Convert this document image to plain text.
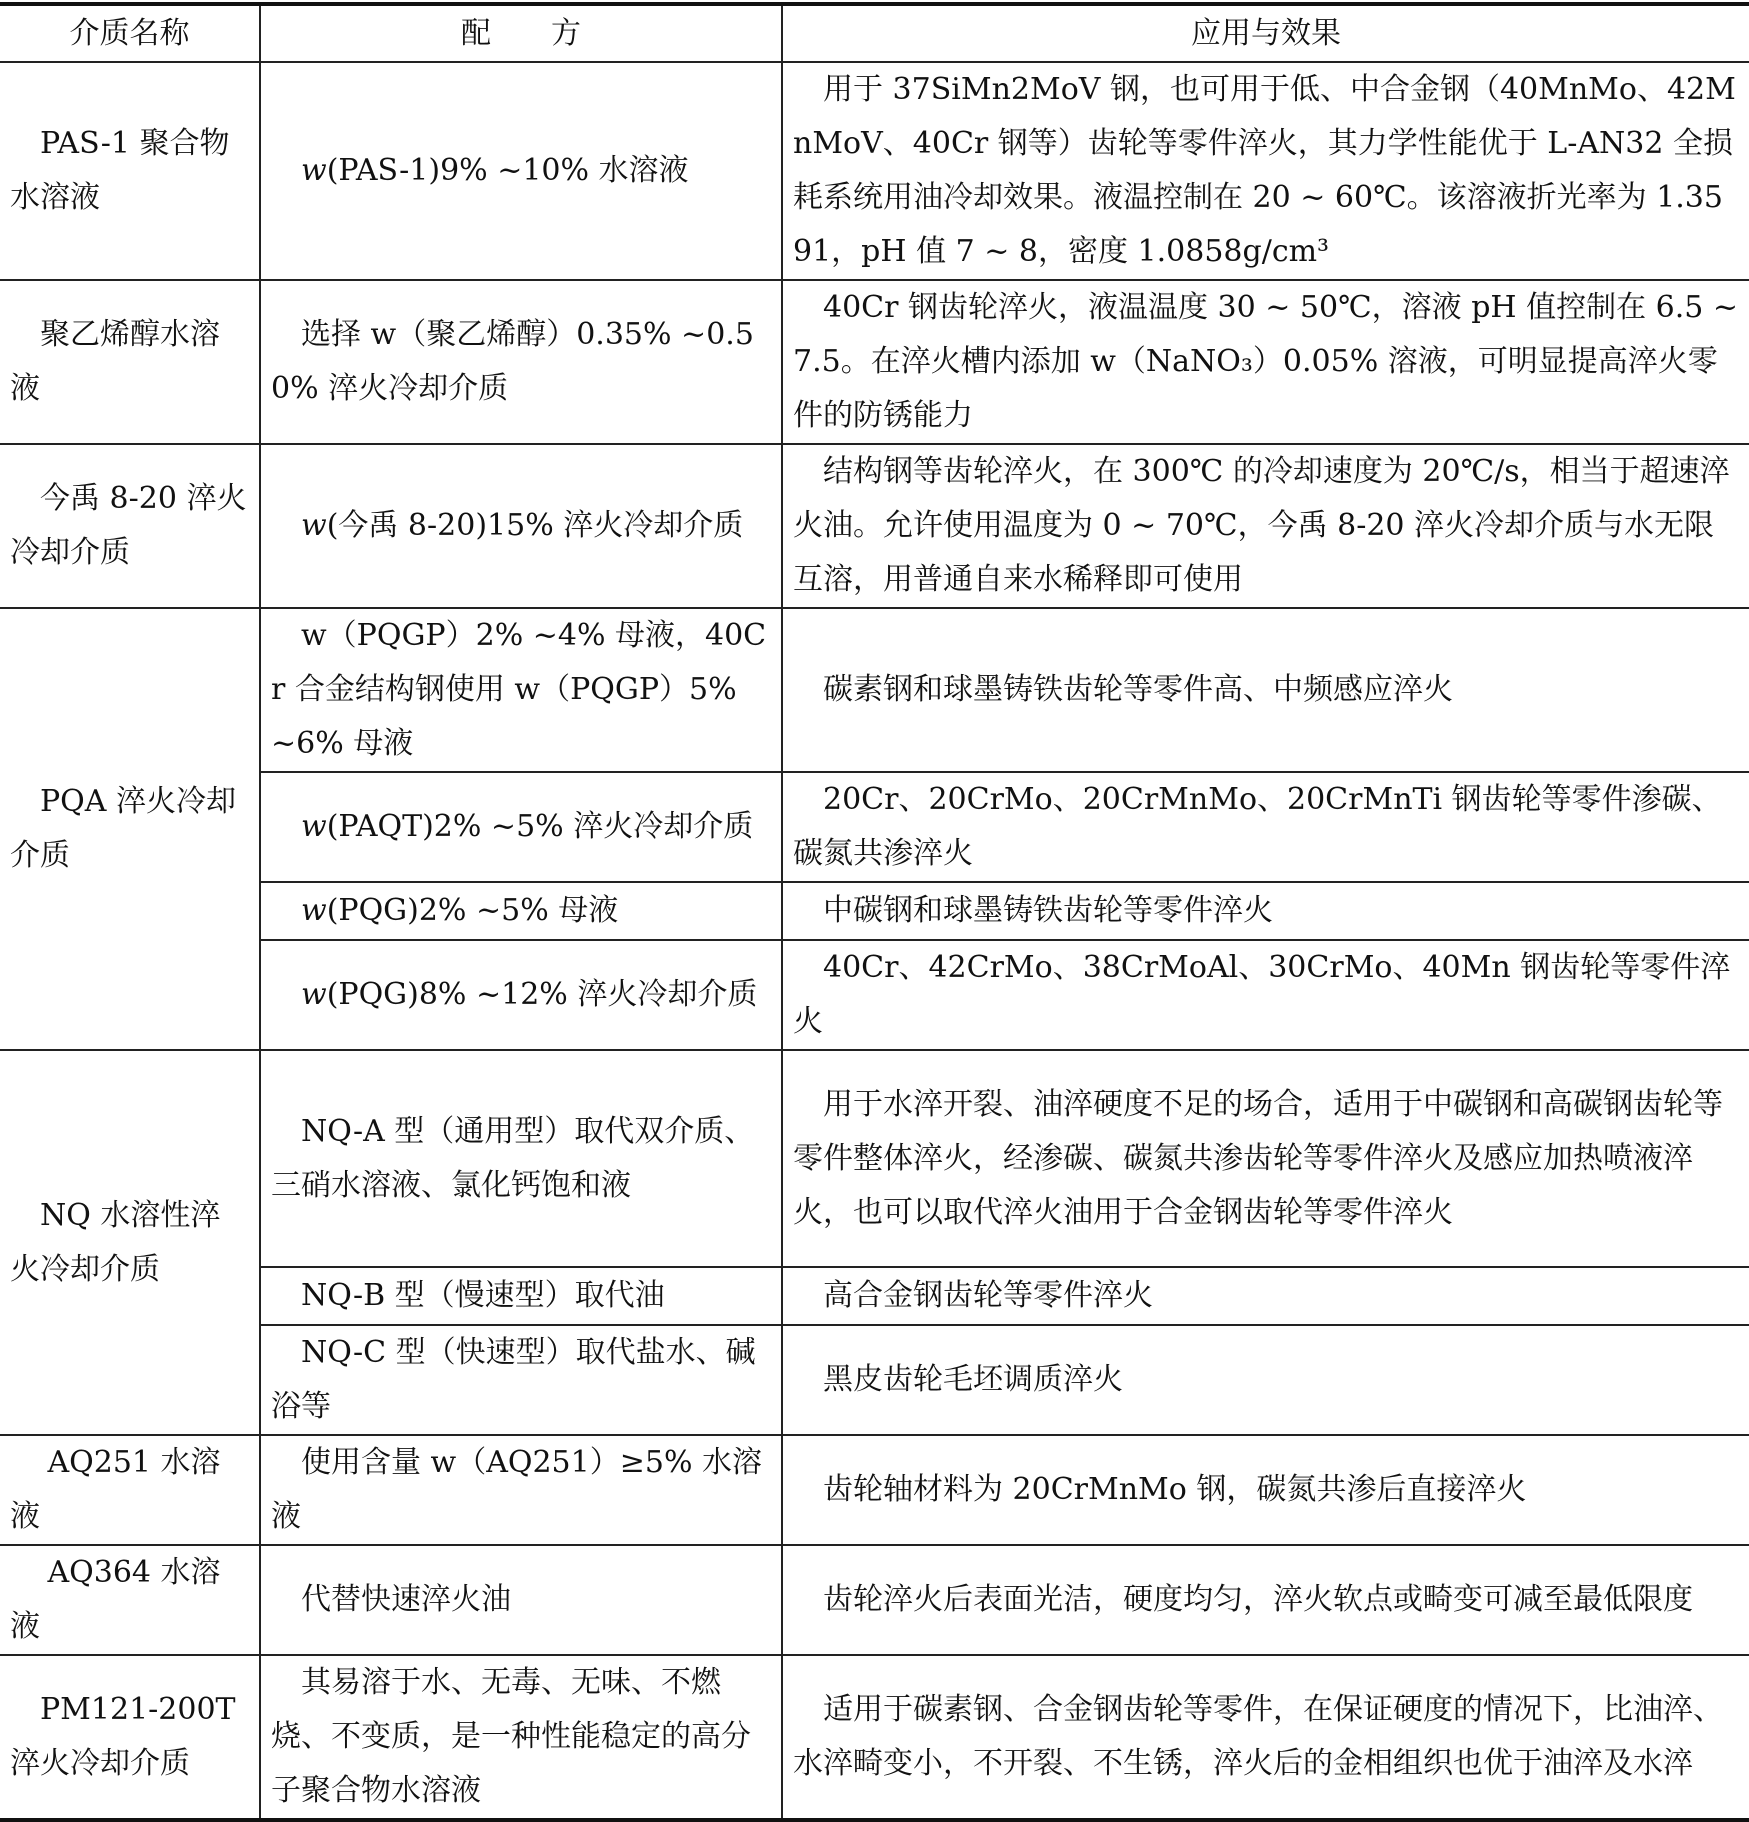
介质名称	配　　方	应用与效果
PAS-1 聚合物水溶液	w(PAS-1)9% ~10% 水溶液	用于 37SiMn2MoV 钢，也可用于低、中合金钢（40MnMo、42MnMoV、40Cr 钢等）齿轮等零件淬火，其力学性能优于 L-AN32 全损耗系统用油冷却效果。液温控制在 20 ~ 60℃。该溶液折光率为 1.3591，pH 值 7 ~ 8，密度 1.0858g/cm³
聚乙烯醇水溶液	选择 w（聚乙烯醇）0.35% ~0.50% 淬火冷却介质	40Cr 钢齿轮淬火，液温温度 30 ~ 50℃，溶液 pH 值控制在 6.5 ~ 7.5。在淬火槽内添加 w（NaNO₃）0.05% 溶液，可明显提高淬火零件的防锈能力
今禹 8-20 淬火冷却介质	w(今禹 8-20)15% 淬火冷却介质	结构钢等齿轮淬火，在 300℃ 的冷却速度为 20℃/s，相当于超速淬火油。允许使用温度为 0 ~ 70℃，今禹 8-20 淬火冷却介质与水无限互溶，用普通自来水稀释即可使用
PQA 淬火冷却介质	w（PQGP）2% ~4% 母液，40Cr 合金结构钢使用 w（PQGP）5% ~6% 母液	碳素钢和球墨铸铁齿轮等零件高、中频感应淬火
	w(PAQT)2% ~5% 淬火冷却介质	20Cr、20CrMo、20CrMnMo、20CrMnTi 钢齿轮等零件渗碳、碳氮共渗淬火
	w(PQG)2% ~5% 母液	中碳钢和球墨铸铁齿轮等零件淬火
	w(PQG)8% ~12% 淬火冷却介质	40Cr、42CrMo、38CrMoAl、30CrMo、40Mn 钢齿轮等零件淬火
NQ 水溶性淬火冷却介质	NQ-A 型（通用型）取代双介质、三硝水溶液、氯化钙饱和液	用于水淬开裂、油淬硬度不足的场合，适用于中碳钢和高碳钢齿轮等零件整体淬火，经渗碳、碳氮共渗齿轮等零件淬火及感应加热喷液淬火，也可以取代淬火油用于合金钢齿轮等零件淬火
	NQ-B 型（慢速型）取代油	高合金钢齿轮等零件淬火
	NQ-C 型（快速型）取代盐水、碱浴等	黑皮齿轮毛坯调质淬火
AQ251 水溶液	使用含量 w（AQ251）≥5% 水溶液	齿轮轴材料为 20CrMnMo 钢，碳氮共渗后直接淬火
AQ364 水溶液	代替快速淬火油	齿轮淬火后表面光洁，硬度均匀，淬火软点或畸变可减至最低限度
PM121-200T 淬火冷却介质	其易溶于水、无毒、无味、不燃烧、不变质，是一种性能稳定的高分子聚合物水溶液	适用于碳素钢、合金钢齿轮等零件，在保证硬度的情况下，比油淬、水淬畸变小，不开裂、不生锈，淬火后的金相组织也优于油淬及水淬
